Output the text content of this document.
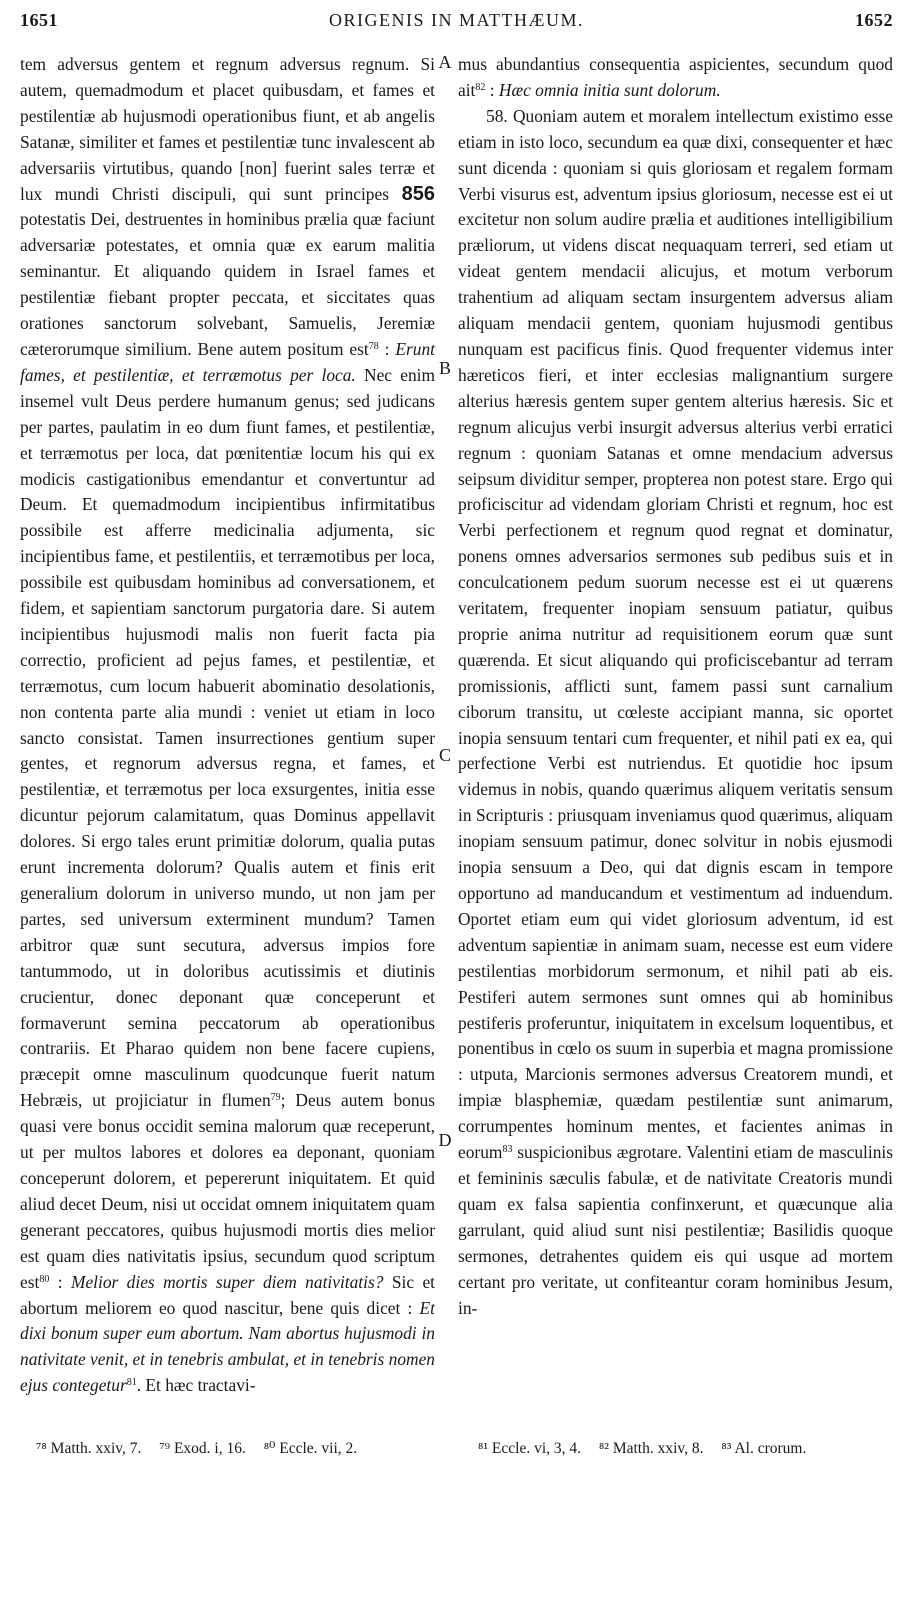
1651	ORIGENIS IN MATTHÆUM.	1652

tem adversus gentem et regnum adversus regnum. Si autem, quemadmodum et placet quibusdam, et fames et pestilentiæ ab hujusmodi operationibus fiunt, et ab angelis Satanæ, similiter et fames et pestilentiæ tunc invalescent ab adversariis virtutibus, quando [non] fuerint sales terræ et lux mundi Christi discipuli, qui sunt principes 856 potestatis Dei, destruentes in hominibus prælia quæ faciunt adversariæ potestates, et omnia quæ ex earum malitia seminantur. Et aliquando quidem in Israel fames et pestilentiæ fiebant propter peccata, et siccitates quas orationes sanctorum solvebant, Samuelis, Jeremiæ cæterorumque similium. Bene autem positum est$^{78}$ : Erunt fames, et pestilentiæ, et terræmotus per loca. Nec enim insemel vult Deus perdere humanum genus; sed judicans per partes, paulatim in eo dum fiunt fames, et pestilentiæ, et terræmotus per loca, dat pœnitentiæ locum his qui ex modicis castigationibus emendantur et convertuntur ad Deum. Et quemadmodum incipientibus infirmitatibus possibile est afferre medicinalia adjumenta, sic incipientibus fame, et pestilentiis, et terræmotibus per loca, possibile est quibusdam hominibus ad conversationem, et fidem, et sapientiam sanctorum purgatoria dare. Si autem incipientibus hujusmodi malis non fuerit facta pia correctio, proficient ad pejus fames, et pestilentiæ, et terræmotus, cum locum habuerit abominatio desolationis, non contenta parte alia mundi : veniet ut etiam in loco sancto consistat. Tamen insurrectiones gentium super gentes, et regnorum adversus regna, et fames, et pestilentiæ, et terræmotus per loca exsurgentes, initia esse dicuntur pejorum calamitatum, quas Dominus appellavit dolores. Si ergo tales erunt primitiæ dolorum, qualia putas erunt incrementa dolorum? Qualis autem et finis erit generalium dolorum in universo mundo, ut non jam per partes, sed universum exterminent mundum? Tamen arbitror quæ sunt secutura, adversus impios fore tantummodo, ut in doloribus acutissimis et diutinis crucientur, donec deponant quæ conceperunt et formaverunt semina peccatorum ab operationibus contrariis. Et Pharao quidem non bene facere cupiens, præcepit omne masculinum quodcunque fuerit natum Hebræis, ut projiciatur in flumen$^{79}$; Deus autem bonus quasi vere bonus occidit semina malorum quæ receperunt, ut per multos labores et dolores ea deponant, quoniam conceperunt dolorem, et pepererunt iniquitatem. Et quid aliud decet Deum, nisi ut occidat omnem iniquitatem quam generant peccatores, quibus hujusmodi mortis dies melior est quam dies nativitatis ipsius, secundum quod scriptum est$^{80}$ : Melior dies mortis super diem nativitatis? Sic et abortum meliorem eo quod nascitur, bene quis dicet : Et dixi bonum super eum abortum. Nam abortus hujusmodi in nativitate venit, et in tenebris ambulat, et in tenebris nomen ejus contegetur$^{81}$. Et hæc tractavi-

A
B
C
D

mus abundantius consequentia aspicientes, secundum quod ait$^{82}$ : Hæc omnia initia sunt dolorum.

58. Quoniam autem et moralem intellectum existimo esse etiam in isto loco, secundum ea quæ dixi, consequenter et hæc sunt dicenda : quoniam si quis gloriosam et regalem formam Verbi visurus est, adventum ipsius gloriosum, necesse est ei ut excitetur non solum audire prælia et auditiones intelligibilium præliorum, ut videns discat nequaquam terreri, sed etiam ut videat gentem mendacii alicujus, et motum verborum trahentium ad aliquam sectam insurgentem adversus aliam aliquam mendacii gentem, quoniam hujusmodi gentibus nunquam est pacificus finis. Quod frequenter videmus inter hæreticos fieri, et inter ecclesias malignantium surgere alterius hæresis gentem super gentem alterius hæresis. Sic et regnum alicujus verbi insurgit adversus alterius verbi erratici regnum : quoniam Satanas et omne mendacium adversus seipsum dividitur semper, propterea non potest stare. Ergo qui proficiscitur ad videndam gloriam Christi et regnum, hoc est Verbi perfectionem et regnum quod regnat et dominatur, ponens omnes adversarios sermones sub pedibus suis et in conculcationem pedum suorum necesse est ei ut quærens veritatem, frequenter inopiam sensuum patiatur, quibus proprie anima nutritur ad requisitionem eorum quæ sunt quærenda. Et sicut aliquando qui proficiscebantur ad terram promissionis, afflicti sunt, famem passi sunt carnalium ciborum transitu, ut cœleste accipiant manna, sic oportet inopia sensuum tentari cum frequenter, et nihil pati ex ea, qui perfectione Verbi est nutriendus. Et quotidie hoc ipsum videmus in nobis, quando quærimus aliquem veritatis sensum in Scripturis : priusquam inveniamus quod quærimus, aliquam inopiam sensuum patimur, donec solvitur in nobis ejusmodi inopia sensuum a Deo, qui dat dignis escam in tempore opportuno ad manducandum et vestimentum ad induendum. Oportet etiam eum qui videt gloriosum adventum, id est adventum sapientiæ in animam suam, necesse est eum videre pestilentias morbidorum sermonum, et nihil pati ab eis. Pestiferi autem sermones sunt omnes qui ab hominibus pestiferis proferuntur, iniquitatem in excelsum loquentibus, et ponentibus in cœlo os suum in superbia et magna promissione : utputa, Marcionis sermones adversus Creatorem mundi, et impiæ blasphemiæ, quædam pestilentiæ sunt animarum, corrumpentes hominum mentes, et facientes animas in eorum$^{83}$ suspicionibus ægrotare. Valentini etiam de masculinis et femininis sæculis fabulæ, et de nativitate Creatoris mundi quam ex falsa sapientia confinxerunt, et quæcunque alia garrulant, quid aliud sunt nisi pestilentiæ; Basilidis quoque sermones, detrahentes quidem eis qui usque ad mortem certant pro veritate, ut confiteantur coram hominibus Jesum, in-

⁷⁸ Matth. xxiv, 7. ⁷⁹ Exod. i, 16. ⁸⁰ Eccle. vii, 2.	⁸¹ Eccle. vi, 3, 4. ⁸² Matth. xxiv, 8. ⁸³ Al. crorum.
